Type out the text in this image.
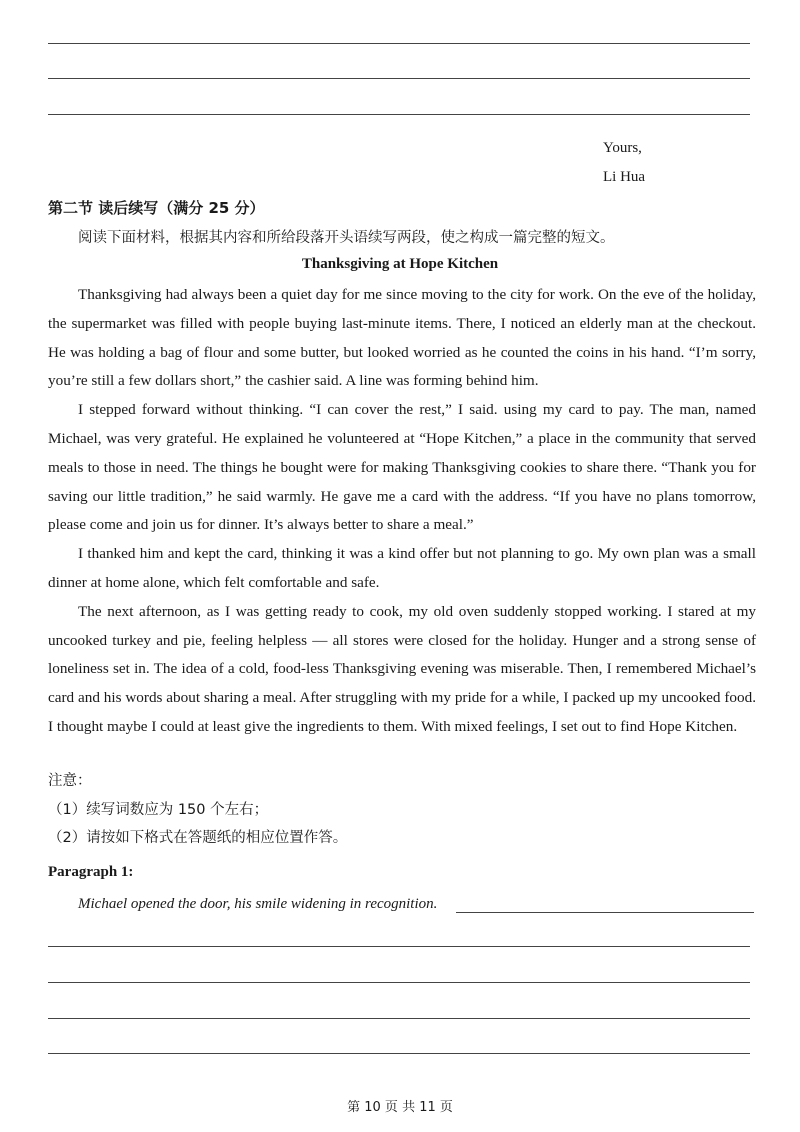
Yours,
Li Hua
第二节 读后续写（满分 25 分）
阅读下面材料，根据其内容和所给段落开头语续写两段，使之构成一篇完整的短文。
Thanksgiving at Hope Kitchen

Thanksgiving had always been a quiet day for me since moving to the city for work. On the eve of the holiday, the supermarket was filled with people buying last-minute items. There, I noticed an elderly man at the checkout. He was holding a bag of flour and some butter, but looked worried as he counted the coins in his hand. “I’m sorry, you’re still a few dollars short,” the cashier said. A line was forming behind him.

I stepped forward without thinking. “I can cover the rest,” I said. using my card to pay. The man, named Michael, was very grateful. He explained he volunteered at “Hope Kitchen,” a place in the community that served meals to those in need. The things he bought were for making Thanksgiving cookies to share there. “Thank you for saving our little tradition,” he said warmly. He gave me a card with the address. “If you have no plans tomorrow, please come and join us for dinner. It’s always better to share a meal.”

I thanked him and kept the card, thinking it was a kind offer but not planning to go. My own plan was a small dinner at home alone, which felt comfortable and safe.

The next afternoon, as I was getting ready to cook, my old oven suddenly stopped working. I stared at my uncooked turkey and pie, feeling helpless — all stores were closed for the holiday. Hunger and a strong sense of loneliness set in. The idea of a cold, food-less Thanksgiving evening was miserable. Then, I remembered Michael’s card and his words about sharing a meal. After struggling with my pride for a while, I packed up my uncooked food. I thought maybe I could at least give the ingredients to them. With mixed feelings, I set out to find Hope Kitchen.

注意：
（1）续写词数应为 150 个左右；
（2）请按如下格式在答题纸的相应位置作答。
Paragraph 1:
Michael opened the door, his smile widening in recognition.
第 10 页 共 11 页
